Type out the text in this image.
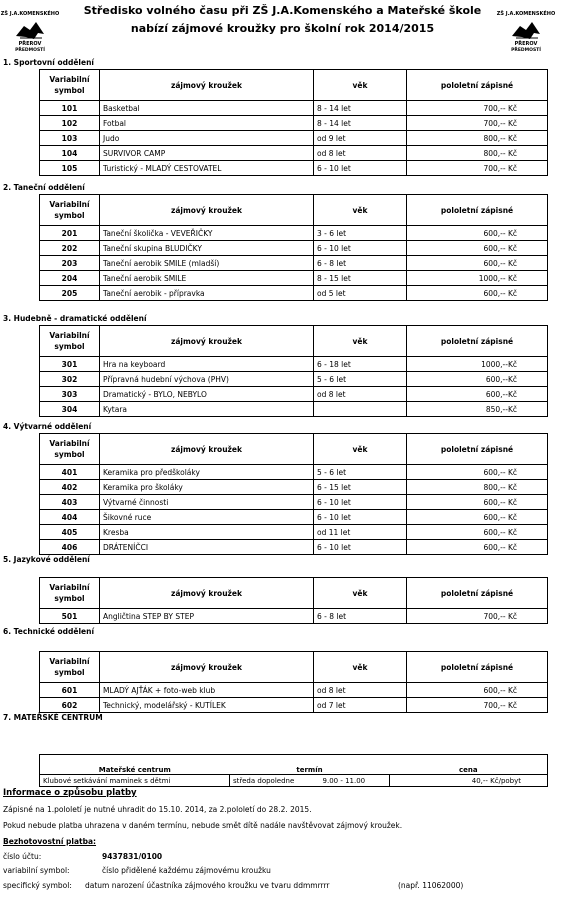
ZŠ J.A.KOMENSKÉHO
PŘEROV
PŘEDMOSTÍ
ZŠ J.A.KOMENSKÉHO
PŘEROV
PŘEDMOSTÍ
Středisko volného času při ZŠ J.A.Komenského a Mateřské škole
nabízí zájmové kroužky pro školní rok 2014/2015
1. Sportovní oddělení
2. Taneční oddělení
3. Hudebně - dramatické oddělení
4. Výtvarné oddělení
5. Jazykové oddělení
6. Technické oddělení
7. MATEŘSKÉ CENTRUM
Variabilní
symbol	zájmový kroužek	věk	pololetní zápisné
101	Basketbal	8 - 14 let	700,-- Kč
102	Fotbal	8 - 14 let	700,-- Kč
103	Judo	od 9 let	800,-- Kč
104	SURVIVOR CAMP	od 8 let	800,-- Kč
105	Turistický - MLADÝ CESTOVATEL	6 - 10 let	700,-- Kč
Variabilní
symbol	zájmový kroužek	věk	pololetní zápisné
201	Taneční školička - VEVEŘIČKY	3 - 6 let	600,-- Kč
202	Taneční skupina BLUDIČKY	6 - 10 let	600,-- Kč
203	Taneční aerobik SMILE (mladší)	6 - 8 let	600,-- Kč
204	Taneční aerobik SMILE	8 - 15 let	1000,-- Kč
205	Taneční aerobik - přípravka	od 5 let	600,-- Kč
Variabilní
symbol	zájmový kroužek	věk	pololetní zápisné
301	Hra na keyboard	6 - 18 let	1000,--Kč
302	Přípravná hudební výchova (PHV)	5 - 6 let	600,--Kč
303	Dramatický - BYLO, NEBYLO	od 8 let	600,--Kč
304	Kytara		850,--Kč
Variabilní
symbol	zájmový kroužek	věk	pololetní zápisné
401	Keramika pro předškoláky	5 - 6 let	600,-- Kč
402	Keramika pro školáky	6 - 15 let	800,-- Kč
403	Výtvarné činnosti	6 - 10 let	600,-- Kč
404	Šikovné ruce	6 - 10 let	600,-- Kč
405	Kresba	od 11 let	600,-- Kč
406	DRÁTENÍČCI	6 - 10 let	600,-- Kč
Variabilní
symbol	zájmový kroužek	věk	pololetní zápisné
501	Angličtina STEP BY STEP	6 - 8 let	700,-- Kč
Variabilní
symbol	zájmový kroužek	věk	pololetní zápisné
601	MLADÝ AJŤÁK + foto-web klub	od 8 let	600,-- Kč
602	Technický, modelářský - KUTÍLEK	od 7 let	700,-- Kč
Mateřské centrum	termín	cena
Klubové setkávání maminek s dětmi	středa dopoledne 9.00 - 11.00	40,-- Kč/pobyt
Informace o způsobu platby
Zápisné na 1.pololetí je nutné uhradit do 15.10. 2014, za 2.pololetí do 28.2. 2015.
Pokud nebude platba uhrazena v daném termínu, nebude smět dítě nadále navštěvovat zájmový kroužek.
Bezhotovostní platba:
číslo účtu:	9437831/0100
variabilní symbol:	číslo přidělené každému zájmovému kroužku
specifický symbol: datum narození účastníka zájmového kroužku ve tvaru ddmmrrrr	(např. 11062000)
